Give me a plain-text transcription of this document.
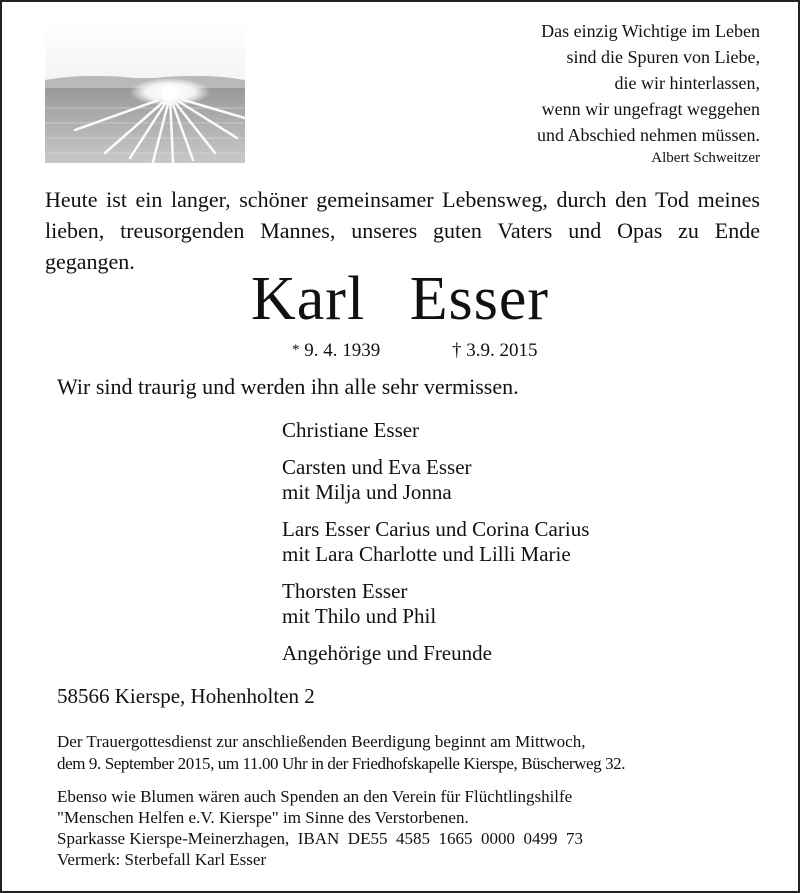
Das einzig Wichtige im Leben
sind die Spuren von Liebe,
die wir hinterlassen,
wenn wir ungefragt weggehen
und Abschied nehmen müssen.
Albert Schweitzer
Heute ist ein langer, schöner gemeinsamer Lebensweg, durch den Tod meines lieben, treusorgenden Mannes, unseres guten Vaters und Opas zu Ende gegangen.
Karl Esser
* 9. 4. 1939	† 3.9. 2015
Wir sind traurig und werden ihn alle sehr vermissen.
Christiane Esser
Carsten und Eva Esser
mit Milja und Jonna
Lars Esser Carius und Corina Carius
mit Lara Charlotte und Lilli Marie
Thorsten Esser
mit Thilo und Phil
Angehörige und Freunde
58566 Kierspe, Hohenholten 2
Der Trauergottesdienst zur anschließenden Beerdigung beginnt am Mittwoch,
dem 9. September 2015, um 11.00 Uhr in der Friedhofskapelle Kierspe, Büscherweg 32.
Ebenso wie Blumen wären auch Spenden an den Verein für Flüchtlingshilfe
"Menschen Helfen e.V. Kierspe" im Sinne des Verstorbenen.
Sparkasse Kierspe-Meinerzhagen, IBAN  DE55  4585  1665  0000  0499  73
Vermerk: Sterbefall Karl Esser
